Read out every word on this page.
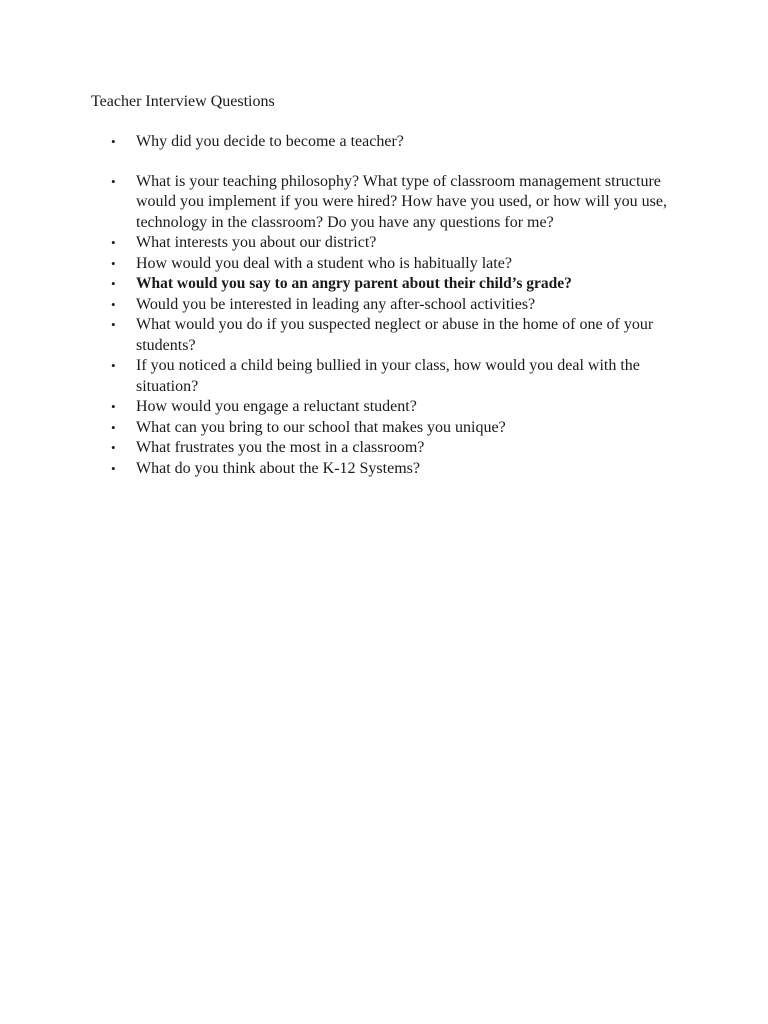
Teacher Interview Questions
• Why did you decide to become a teacher?
• What is your teaching philosophy? What type of classroom management structure would you implement if you were hired? How have you used, or how will you use, technology in the classroom? Do you have any questions for me?
• What interests you about our district?
• How would you deal with a student who is habitually late?
• What would you say to an angry parent about their child’s grade?
• Would you be interested in leading any after-school activities?
• What would you do if you suspected neglect or abuse in the home of one of your students?
• If you noticed a child being bullied in your class, how would you deal with the situation?
• How would you engage a reluctant student?
• What can you bring to our school that makes you unique?
• What frustrates you the most in a classroom?
• What do you think about the K-12 Systems?
